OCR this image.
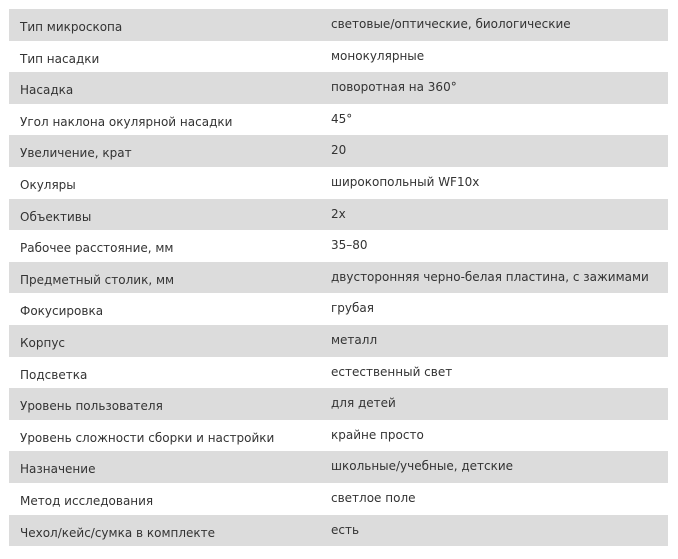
Тип микроскопа	световые/оптические, биологические
Тип насадки	монокулярные
Насадка	поворотная на 360°
Угол наклона окулярной насадки	45°
Увеличение, крат	20
Окуляры	широкопольный WF10x
Объективы	2x
Рабочее расстояние, мм	35–80
Предметный столик, мм	двусторонняя черно-белая пластина, с зажимами
Фокусировка	грубая
Корпус	металл
Подсветка	естественный свет
Уровень пользователя	для детей
Уровень сложности сборки и настройки	крайне просто
Назначение	школьные/учебные, детские
Метод исследования	светлое поле
Чехол/кейс/сумка в комплекте	есть
